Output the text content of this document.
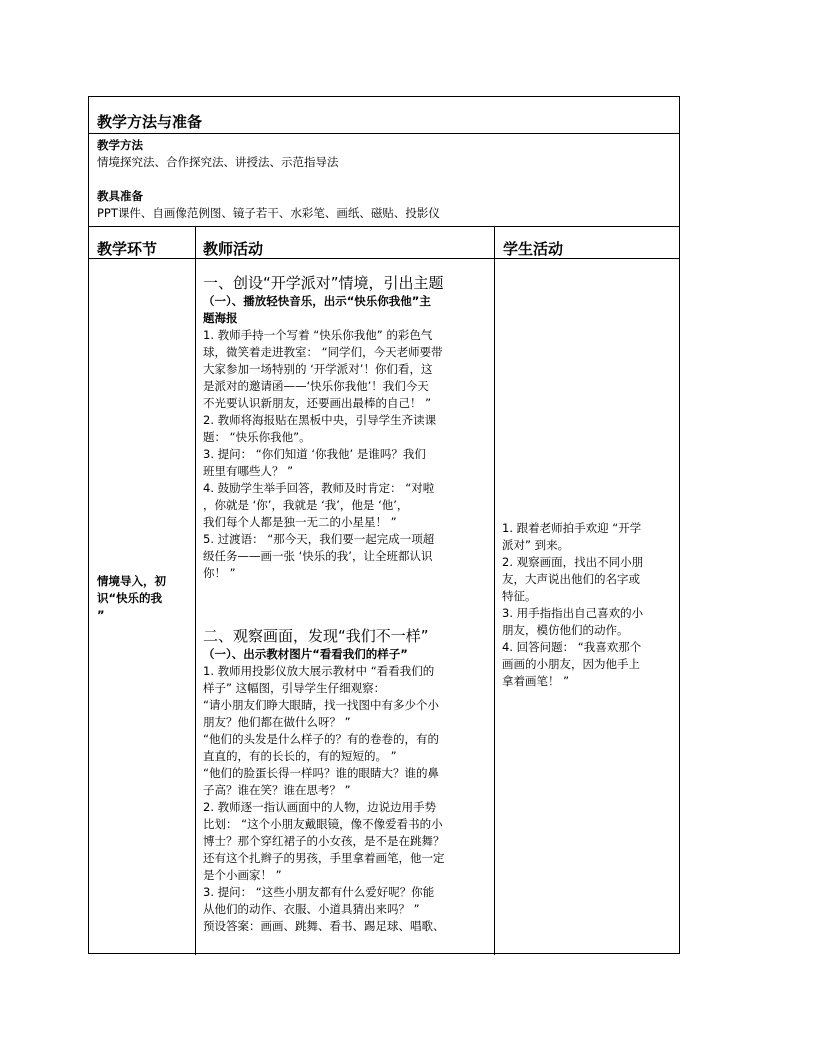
教学方法与准备
教学方法
情境探究法、合作探究法、讲授法、示范指导法
教具准备
PPT课件、自画像范例图、镜子若干、水彩笔、画纸、磁贴、投影仪
教学环节	教师活动	学生活动
情境导入，初
识“快乐的我
”
一、创设“开学派对”情境，引出主题
（一）、播放轻快音乐，出示“快乐你我他”主
题海报
1. 教师手持一个写着 “快乐你我他” 的彩色气
球，微笑着走进教室： “同学们，今天老师要带
大家参加一场特别的 ‘开学派对’！你们看，这
是派对的邀请函——‘快乐你我他’！我们今天
不光要认识新朋友，还要画出最棒的自己！ ”
2. 教师将海报贴在黑板中央，引导学生齐读课
题： “快乐你我他”。
3. 提问： “你们知道 ‘你我他’ 是谁吗？我们
班里有哪些人？ ”
4. 鼓励学生举手回答，教师及时肯定： “对啦
，你就是 ‘你’，我就是 ‘我’，他是 ‘他’，
我们每个人都是独一无二的小星星！ ”
5. 过渡语： “那今天，我们要一起完成一项超
级任务——画一张 ‘快乐的我’，让全班都认识
你！ ”
二、观察画面，发现“我们不一样”
（一）、出示教材图片“看看我们的样子”
1. 教师用投影仪放大展示教材中 “看看我们的
样子” 这幅图，引导学生仔细观察：
“请小朋友们睁大眼睛，找一找图中有多少个小
朋友？他们都在做什么呀？ ”
“他们的头发是什么样子的？有的卷卷的，有的
直直的，有的长长的，有的短短的。 ”
“他们的脸蛋长得一样吗？谁的眼睛大？谁的鼻
子高？谁在笑？谁在思考？ ”
2. 教师逐一指认画面中的人物，边说边用手势
比划： “这个小朋友戴眼镜，像不像爱看书的小
博士？那个穿红裙子的小女孩，是不是在跳舞？
还有这个扎辫子的男孩，手里拿着画笔，他一定
是个小画家！ ”
3. 提问： “这些小朋友都有什么爱好呢？你能
从他们的动作、衣服、小道具猜出来吗？ ”
预设答案：画画、跳舞、看书、踢足球、唱歌、
1. 跟着老师拍手欢迎 “开学
派对” 到来。
2. 观察画面，找出不同小朋
友，大声说出他们的名字或
特征。
3. 用手指指出自己喜欢的小
朋友，模仿他们的动作。
4. 回答问题： “我喜欢那个
画画的小朋友，因为他手上
拿着画笔！ ”
